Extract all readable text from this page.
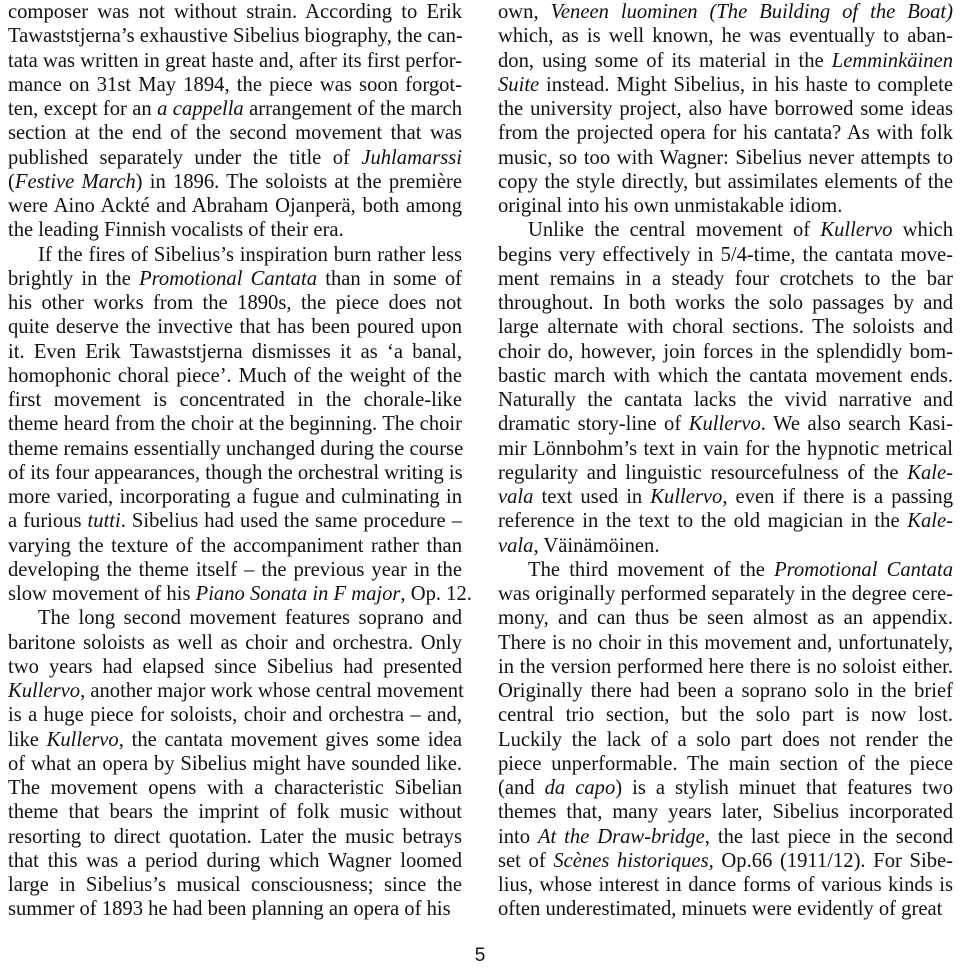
composer was not without strain. According to Erik
Tawaststjerna’s exhaustive Sibelius biography, the can-
tata was written in great haste and, after its first perfor-
mance on 31st May 1894, the piece was soon forgot-
ten, except for an a cappella arrangement of the march
section at the end of the second movement that was
published separately under the title of Juhlamarssi
(Festive March) in 1896. The soloists at the première
were Aino Ackté and Abraham Ojanperä, both among
the leading Finnish vocalists of their era.
If the fires of Sibelius’s inspiration burn rather less
brightly in the Promotional Cantata than in some of
his other works from the 1890s, the piece does not
quite deserve the invective that has been poured upon
it. Even Erik Tawaststjerna dismisses it as ‘a banal,
homophonic choral piece’. Much of the weight of the
first movement is concentrated in the chorale-like
theme heard from the choir at the beginning. The choir
theme remains essentially unchanged during the course
of its four appearances, though the orchestral writing is
more varied, incorporating a fugue and culminating in
a furious tutti. Sibelius had used the same procedure –
varying the texture of the accompaniment rather than
developing the theme itself – the previous year in the
slow movement of his Piano Sonata in F major, Op. 12.
The long second movement features soprano and
baritone soloists as well as choir and orchestra. Only
two years had elapsed since Sibelius had presented
Kullervo, another major work whose central movement
is a huge piece for soloists, choir and orchestra – and,
like Kullervo, the cantata movement gives some idea
of what an opera by Sibelius might have sounded like.
The movement opens with a characteristic Sibelian
theme that bears the imprint of folk music without
resorting to direct quotation. Later the music betrays
that this was a period during which Wagner loomed
large in Sibelius’s musical consciousness; since the
summer of 1893 he had been planning an opera of his
own, Veneen luominen (The Building of the Boat)
which, as is well known, he was eventually to aban-
don, using some of its material in the Lemminkäinen
Suite instead. Might Sibelius, in his haste to complete
the university project, also have borrowed some ideas
from the projected opera for his cantata? As with folk
music, so too with Wagner: Sibelius never attempts to
copy the style directly, but assimilates elements of the
original into his own unmistakable idiom.
Unlike the central movement of Kullervo which
begins very effectively in 5/4-time, the cantata move-
ment remains in a steady four crotchets to the bar
throughout. In both works the solo passages by and
large alternate with choral sections. The soloists and
choir do, however, join forces in the splendidly bom-
bastic march with which the cantata movement ends.
Naturally the cantata lacks the vivid narrative and
dramatic story-line of Kullervo. We also search Kasi-
mir Lönnbohm’s text in vain for the hypnotic metrical
regularity and linguistic resourcefulness of the Kale-
vala text used in Kullervo, even if there is a passing
reference in the text to the old magician in the Kale-
vala, Väinämöinen.
The third movement of the Promotional Cantata
was originally performed separately in the degree cere-
mony, and can thus be seen almost as an appendix.
There is no choir in this movement and, unfortunately,
in the version performed here there is no soloist either.
Originally there had been a soprano solo in the brief
central trio section, but the solo part is now lost.
Luckily the lack of a solo part does not render the
piece unperformable. The main section of the piece
(and da capo) is a stylish minuet that features two
themes that, many years later, Sibelius incorporated
into At the Draw-bridge, the last piece in the second
set of Scènes historiques, Op.66 (1911/12). For Sibe-
lius, whose interest in dance forms of various kinds is
often underestimated, minuets were evidently of great
5
